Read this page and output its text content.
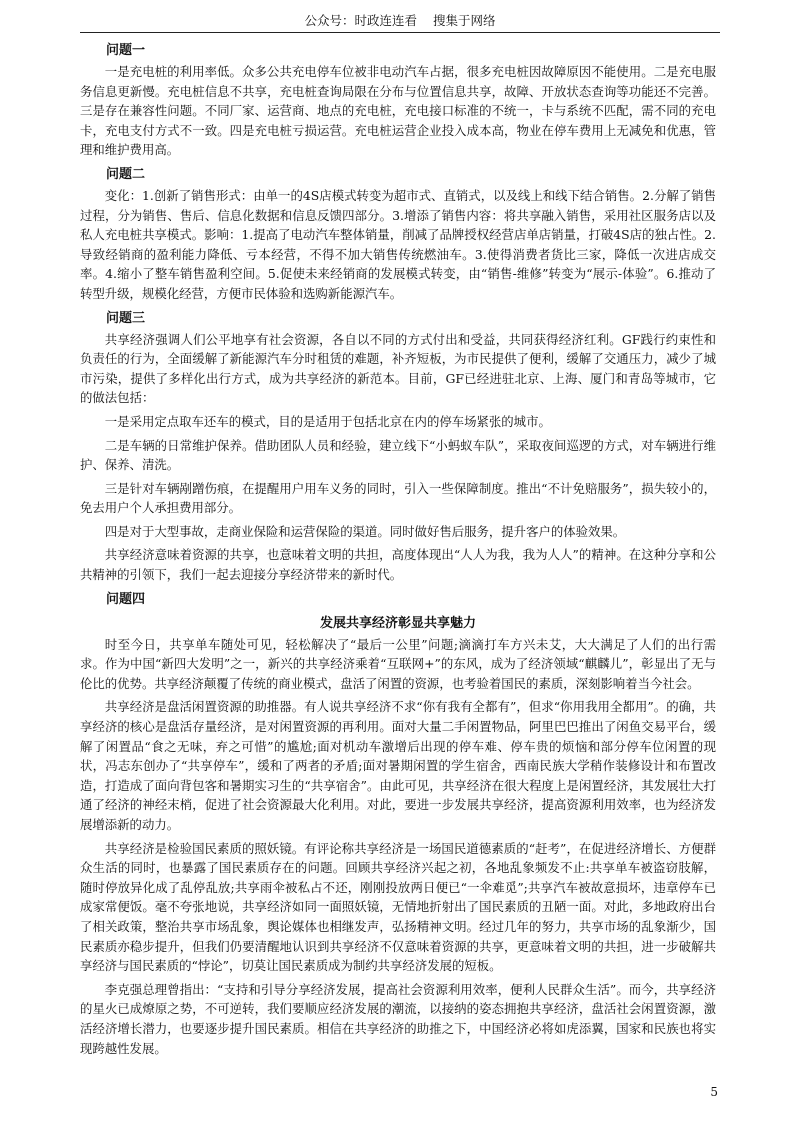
公众号：时政连连看 搜集于网络
问题一

一是充电桩的利用率低。众多公共充电停车位被非电动汽车占据，很多充电桩因故障原因不能使用。二是充电服务信息更新慢。充电桩信息不共享，充电桩查询局限在分布与位置信息共享，故障、开放状态查询等功能还不完善。三是存在兼容性问题。不同厂家、运营商、地点的充电桩，充电接口标准的不统一，卡与系统不匹配，需不同的充电卡，充电支付方式不一致。四是充电桩亏损运营。充电桩运营企业投入成本高，物业在停车费用上无减免和优惠，管理和维护费用高。

问题二

变化：1.创新了销售形式：由单一的4S店模式转变为超市式、直销式，以及线上和线下结合销售。2.分解了销售过程，分为销售、售后、信息化数据和信息反馈四部分。3.增添了销售内容：将共享融入销售，采用社区服务店以及私人充电桩共享模式。影响：1.提高了电动汽车整体销量，削减了品牌授权经营店单店销量，打破4S店的独占性。2.导致经销商的盈利能力降低、亏本经营，不得不加大销售传统燃油车。3.使得消费者货比三家，降低一次进店成交率。4.缩小了整车销售盈利空间。5.促使未来经销商的发展模式转变，由“销售-维修”转变为“展示-体验”。6.推动了转型升级，规模化经营，方便市民体验和选购新能源汽车。

问题三

共享经济强调人们公平地享有社会资源，各自以不同的方式付出和受益，共同获得经济红利。GF践行约束性和负责任的行为，全面缓解了新能源汽车分时租赁的难题，补齐短板，为市民提供了便利，缓解了交通压力，减少了城市污染，提供了多样化出行方式，成为共享经济的新范本。目前，GF已经进驻北京、上海、厦门和青岛等城市，它的做法包括：

一是采用定点取车还车的模式，目的是适用于包括北京在内的停车场紧张的城市。

二是车辆的日常维护保养。借助团队人员和经验，建立线下“小蚂蚁车队”，采取夜间巡逻的方式，对车辆进行维护、保养、清洗。

三是针对车辆剐蹭伤痕，在提醒用户用车义务的同时，引入一些保障制度。推出“不计免赔服务”，损失较小的，免去用户个人承担费用部分。

四是对于大型事故，走商业保险和运营保险的渠道。同时做好售后服务，提升客户的体验效果。

共享经济意味着资源的共享，也意味着文明的共担，高度体现出“人人为我，我为人人”的精神。在这种分享和公共精神的引领下，我们一起去迎接分享经济带来的新时代。

问题四
发展共享经济彰显共享魅力

时至今日，共享单车随处可见，轻松解决了“最后一公里”问题;滴滴打车方兴未艾，大大满足了人们的出行需求。作为中国“新四大发明”之一，新兴的共享经济乘着“互联网+”的东风，成为了经济领域“麒麟儿”，彰显出了无与伦比的优势。共享经济颠覆了传统的商业模式，盘活了闲置的资源，也考验着国民的素质，深刻影响着当今社会。

共享经济是盘活闲置资源的助推器。有人说共享经济不求“你有我有全都有”，但求“你用我用全都用”。的确，共享经济的核心是盘活存量经济，是对闲置资源的再利用。面对大量二手闲置物品，阿里巴巴推出了闲鱼交易平台，缓解了闲置品“食之无味，弃之可惜”的尴尬;面对机动车激增后出现的停车难、停车贵的烦恼和部分停车位闲置的现状，冯志东创办了“共享停车”，缓和了两者的矛盾;面对暑期闲置的学生宿舍，西南民族大学稍作装修设计和布置改造，打造成了面向背包客和暑期实习生的“共享宿舍”。由此可见，共享经济在很大程度上是闲置经济，其发展壮大打通了经济的神经末梢，促进了社会资源最大化利用。对此，要进一步发展共享经济，提高资源利用效率，也为经济发展增添新的动力。

共享经济是检验国民素质的照妖镜。有评论称共享经济是一场国民道德素质的“赶考”，在促进经济增长、方便群众生活的同时，也暴露了国民素质存在的问题。回顾共享经济兴起之初，各地乱象频发不止:共享单车被盗窃肢解，随时停放异化成了乱停乱放;共享雨伞被私占不还，刚刚投放两日便已“一伞难觅”;共享汽车被故意损坏，违章停车已成家常便饭。毫不夸张地说，共享经济如同一面照妖镜，无情地折射出了国民素质的丑陋一面。对此，多地政府出台了相关政策，整治共享市场乱象，舆论媒体也相继发声，弘扬精神文明。经过几年的努力，共享市场的乱象渐少，国民素质亦稳步提升，但我们仍要清醒地认识到共享经济不仅意味着资源的共享，更意味着文明的共担，进一步破解共享经济与国民素质的“悖论”，切莫让国民素质成为制约共享经济发展的短板。

李克强总理曾指出：“支持和引导分享经济发展，提高社会资源利用效率，便利人民群众生活”。而今，共享经济的星火已成燎原之势，不可逆转，我们要顺应经济发展的潮流，以接纳的姿态拥抱共享经济，盘活社会闲置资源，激活经济增长潜力，也要逐步提升国民素质。相信在共享经济的助推之下，中国经济必将如虎添翼，国家和民族也将实现跨越性发展。

5
